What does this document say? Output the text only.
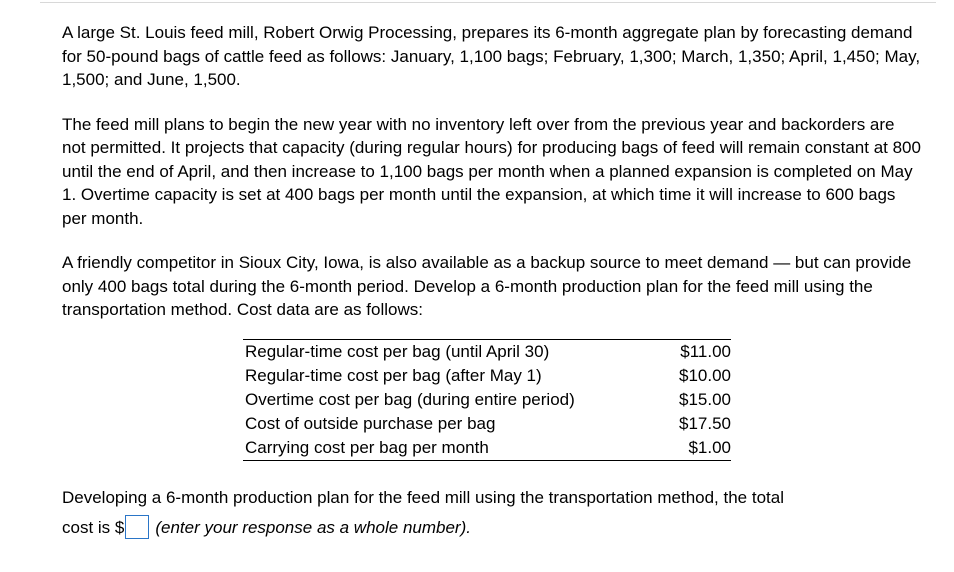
A large St. Louis feed mill, Robert Orwig Processing, prepares its 6-month aggregate plan by forecasting demand for 50-pound bags of cattle feed as follows: January, 1,100 bags; February, 1,300; March, 1,350; April, 1,450; May, 1,500; and June, 1,500.

The feed mill plans to begin the new year with no inventory left over from the previous year and backorders are not permitted. It projects that capacity (during regular hours) for producing bags of feed will remain constant at 800 until the end of April, and then increase to 1,100 bags per month when a planned expansion is completed on May 1. Overtime capacity is set at 400 bags per month until the expansion, at which time it will increase to 600 bags per month.

A friendly competitor in Sioux City, Iowa, is also available as a backup source to meet demand — but can provide only 400 bags total during the 6-month period. Develop a 6-month production plan for the feed mill using the transportation method. Cost data are as follows:

Regular-time cost per bag (until April 30)	$11.00
Regular-time cost per bag (after May 1)	$10.00
Overtime cost per bag (during entire period)	$15.00
Cost of outside purchase per bag	$17.50
Carrying cost per bag per month	$1.00
Developing a 6-month production plan for the feed mill using the transportation method, the total
cost is $ (enter your response as a whole number).
